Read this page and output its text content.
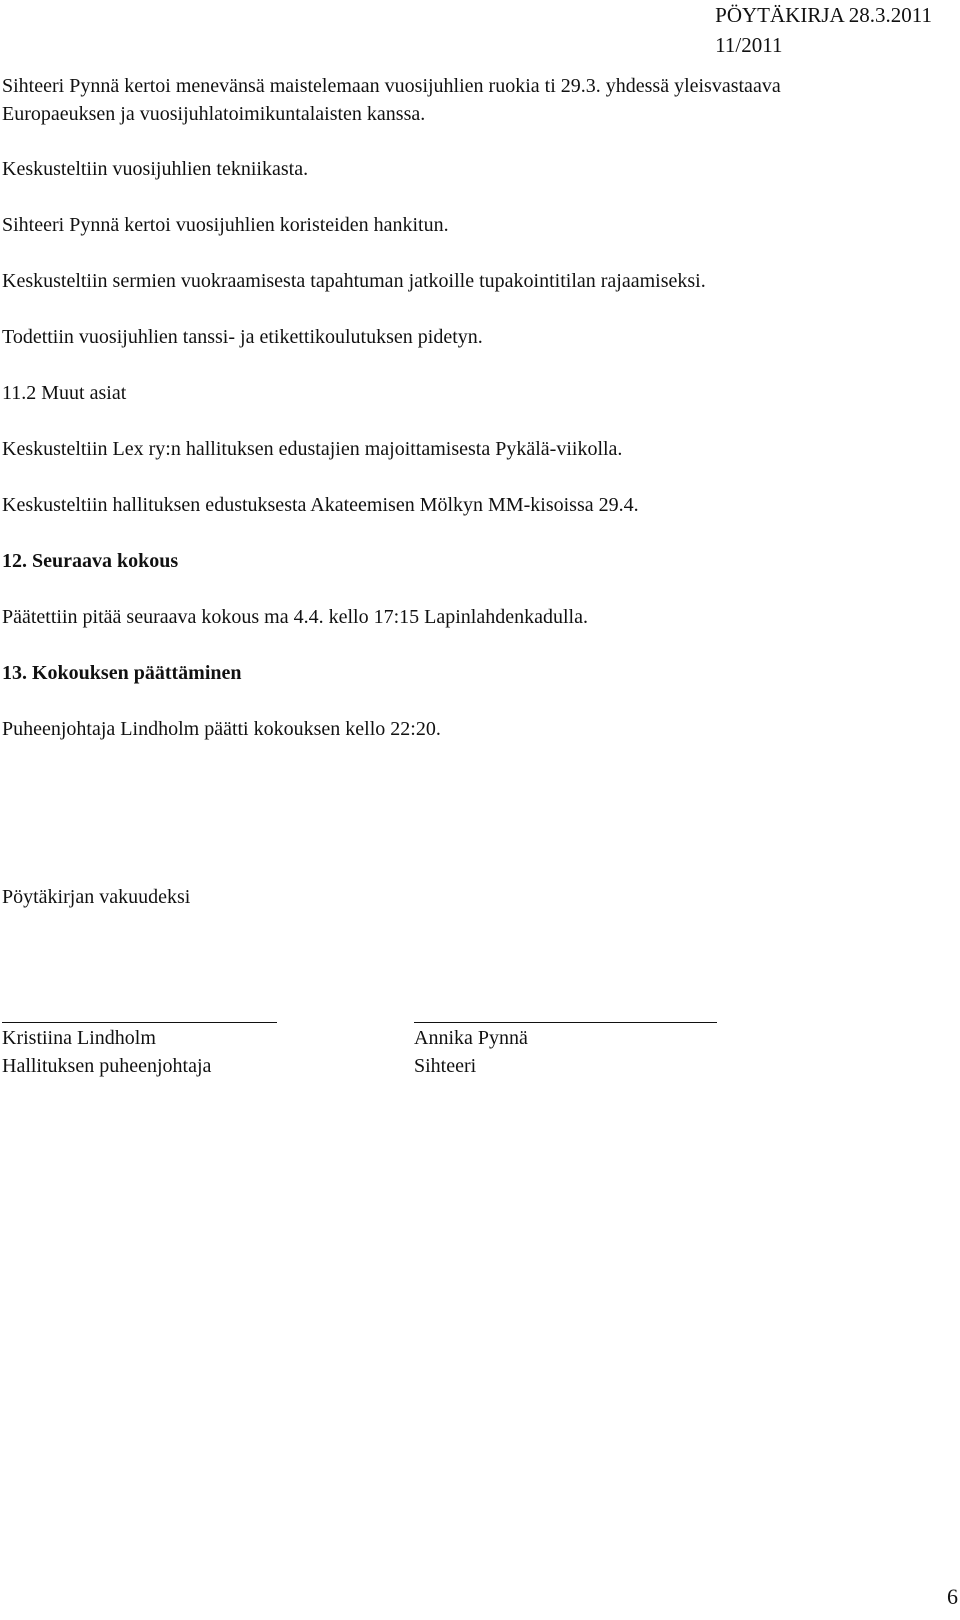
PÖYTÄKIRJA 28.3.2011
11/2011
Sihteeri Pynnä kertoi menevänsä maistelemaan vuosijuhlien ruokia ti 29.3. yhdessä yleisvastaava
Europaeuksen ja vuosijuhlatoimikuntalaisten kanssa.
Keskusteltiin vuosijuhlien tekniikasta.
Sihteeri Pynnä kertoi vuosijuhlien koristeiden hankitun.
Keskusteltiin sermien vuokraamisesta tapahtuman jatkoille tupakointitilan rajaamiseksi.
Todettiin vuosijuhlien tanssi- ja etikettikoulutuksen pidetyn.
11.2 Muut asiat
Keskusteltiin Lex ry:n hallituksen edustajien majoittamisesta Pykälä-viikolla.
Keskusteltiin hallituksen edustuksesta Akateemisen Mölkyn MM-kisoissa 29.4.
12. Seuraava kokous
Päätettiin pitää seuraava kokous ma 4.4. kello 17:15 Lapinlahdenkadulla.
13. Kokouksen päättäminen
Puheenjohtaja Lindholm päätti kokouksen kello 22:20.
Pöytäkirjan vakuudeksi
Kristiina Lindholm
Hallituksen puheenjohtaja
Annika Pynnä
Sihteeri
6
